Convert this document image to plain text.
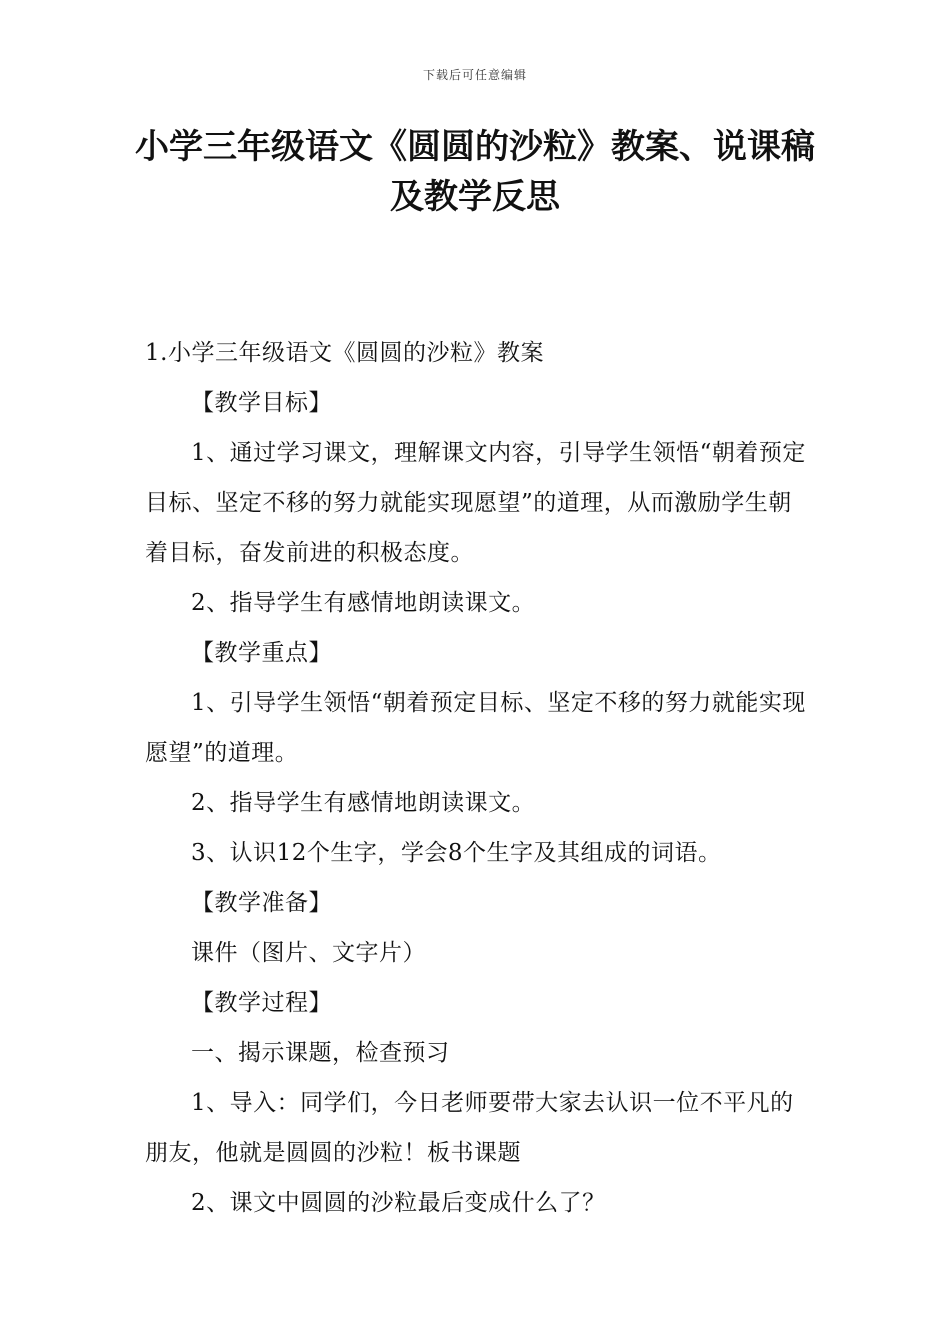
下载后可任意编辑
小学三年级语文《圆圆的沙粒》教案、说课稿及教学反思

1.小学三年级语文《圆圆的沙粒》教案

【教学目标】

1、通过学习课文，理解课文内容，引导学生领悟“朝着预定目标、坚定不移的努力就能实现愿望”的道理，从而激励学生朝着目标，奋发前进的积极态度。

2、指导学生有感情地朗读课文。

【教学重点】

1、引导学生领悟“朝着预定目标、坚定不移的努力就能实现愿望”的道理。

2、指导学生有感情地朗读课文。

3、认识12个生字，学会8个生字及其组成的词语。

【教学准备】

课件（图片、文字片）

【教学过程】

一、揭示课题，检查预习

1、导入：同学们，今日老师要带大家去认识一位不平凡的朋友，他就是圆圆的沙粒！板书课题

2、课文中圆圆的沙粒最后变成什么了？
